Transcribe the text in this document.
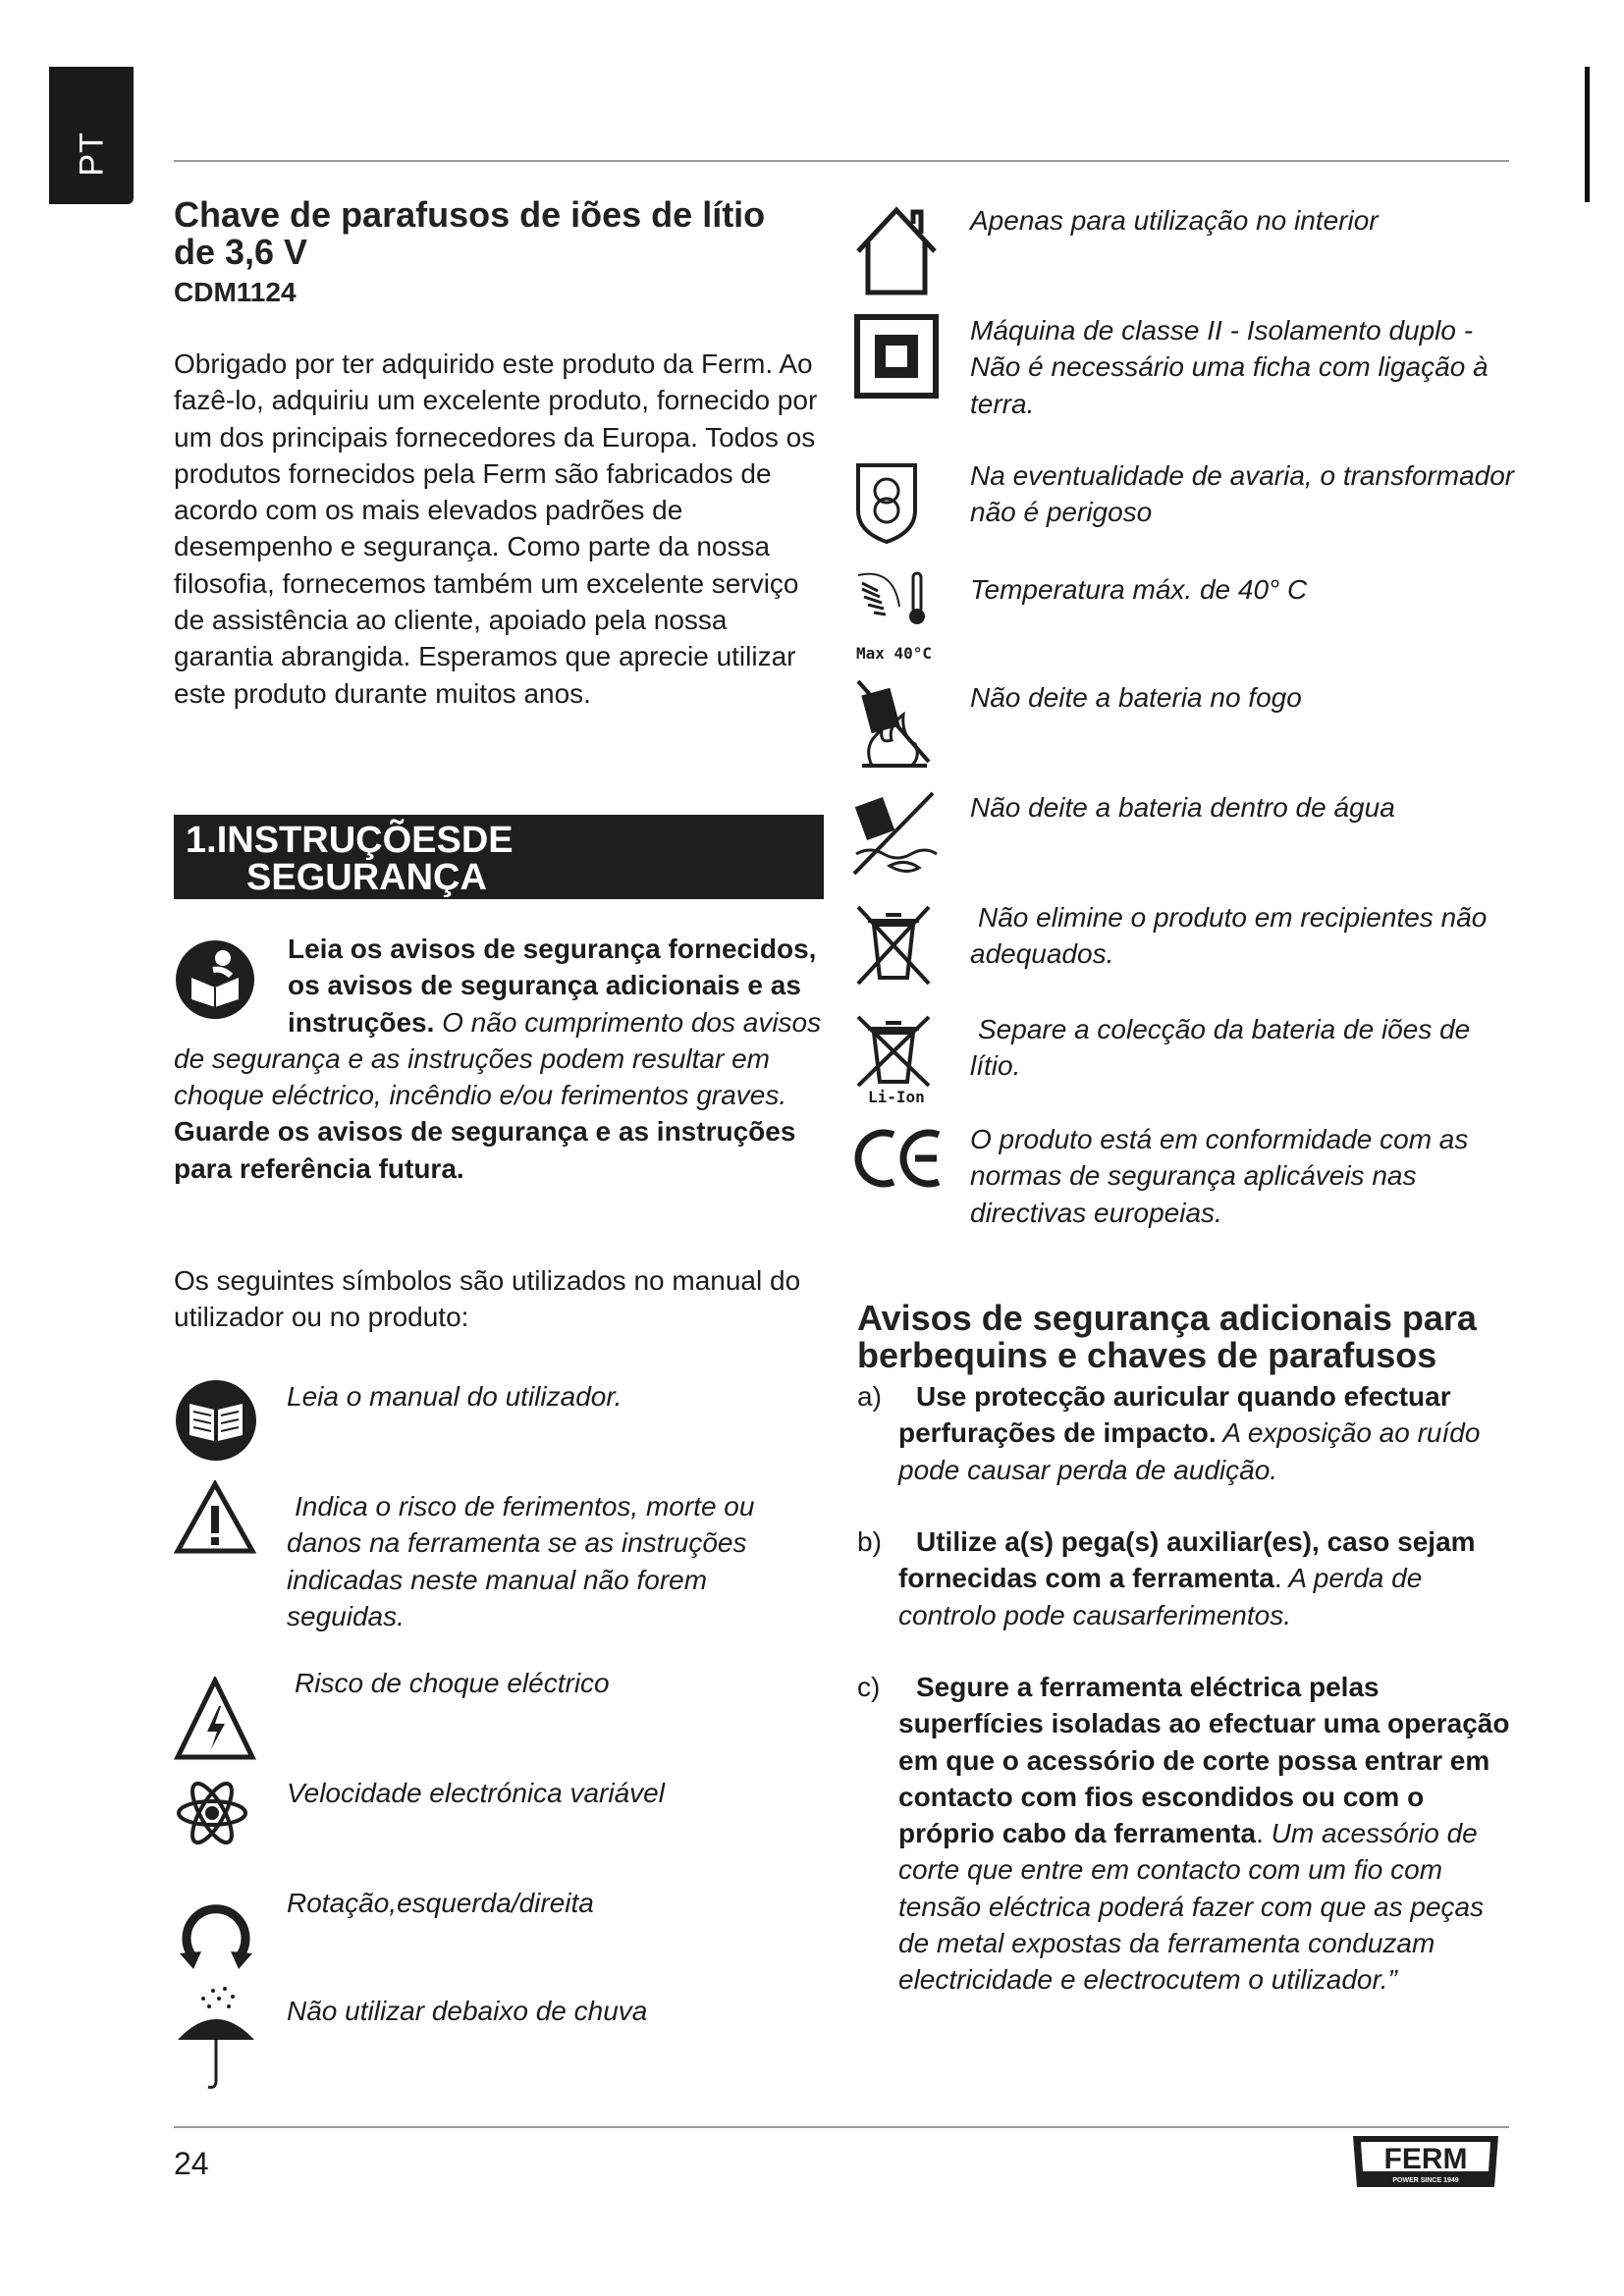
PT
Chave de parafusos de iões de lítio
de 3,6 V
CDM1124
Obrigado por ter adquirido este produto da Ferm. Ao fazê-lo, adquiriu um excelente produto, fornecido por um dos principais fornecedores da Europa. Todos os produtos fornecidos pela Ferm são fabricados de acordo com os mais elevados padrões de desempenho e segurança. Como parte da nossa filosofia, fornecemos também um excelente serviço de assistência ao cliente, apoiado pela nossa garantia abrangida. Esperamos que aprecie utilizar este produto durante muitos anos.
1.INSTRUÇÕESDE
SEGURANÇA
Leia os avisos de segurança fornecidos, os avisos de segurança adicionais e as instruções. O não cumprimento dos avisos de segurança e as instruções podem resultar em choque eléctrico, incêndio e/ou ferimentos graves. Guarde os avisos de segurança e as instruções para referência futura.
Os seguintes símbolos são utilizados no manual do utilizador ou no produto:
Leia o manual do utilizador.
Indica o risco de ferimentos, morte ou danos na ferramenta se as instruções indicadas neste manual não forem seguidas.
Risco de choque eléctrico
Velocidade electrónica variável
Rotação,esquerda/direita
Não utilizar debaixo de chuva
Apenas para utilização no interior
Máquina de classe II - Isolamento duplo - Não é necessário uma ficha com ligação à terra.
Na eventualidade de avaria, o transformador não é perigoso
Max 40°C
Temperatura máx. de 40° C
Não deite a bateria no fogo
Não deite a bateria dentro de água
Não elimine o produto em recipientes não adequados.
Li-Ion
Separe a colecção da bateria de iões de lítio.
O produto está em conformidade com as normas de segurança aplicáveis nas directivas europeias.
Avisos de segurança adicionais para berbequins e chaves de parafusos
a)	Use protecção auricular quando efectuar perfurações de impacto. A exposição ao ruído pode causar perda de audição.
b)	Utilize a(s) pega(s) auxiliar(es), caso sejam fornecidas com a ferramenta. A perda de controlo pode causarferimentos.
c)	Segure a ferramenta eléctrica pelas superfícies isoladas ao efectuar uma operação em que o acessório de corte possa entrar em contacto com fios escondidos ou com o próprio cabo da ferramenta. Um acessório de corte que entre em contacto com um fio com tensão eléctrica poderá fazer com que as peças de metal expostas da ferramenta conduzam electricidade e electrocutem o utilizador.”
24	FERM
POWER SINCE 1949
